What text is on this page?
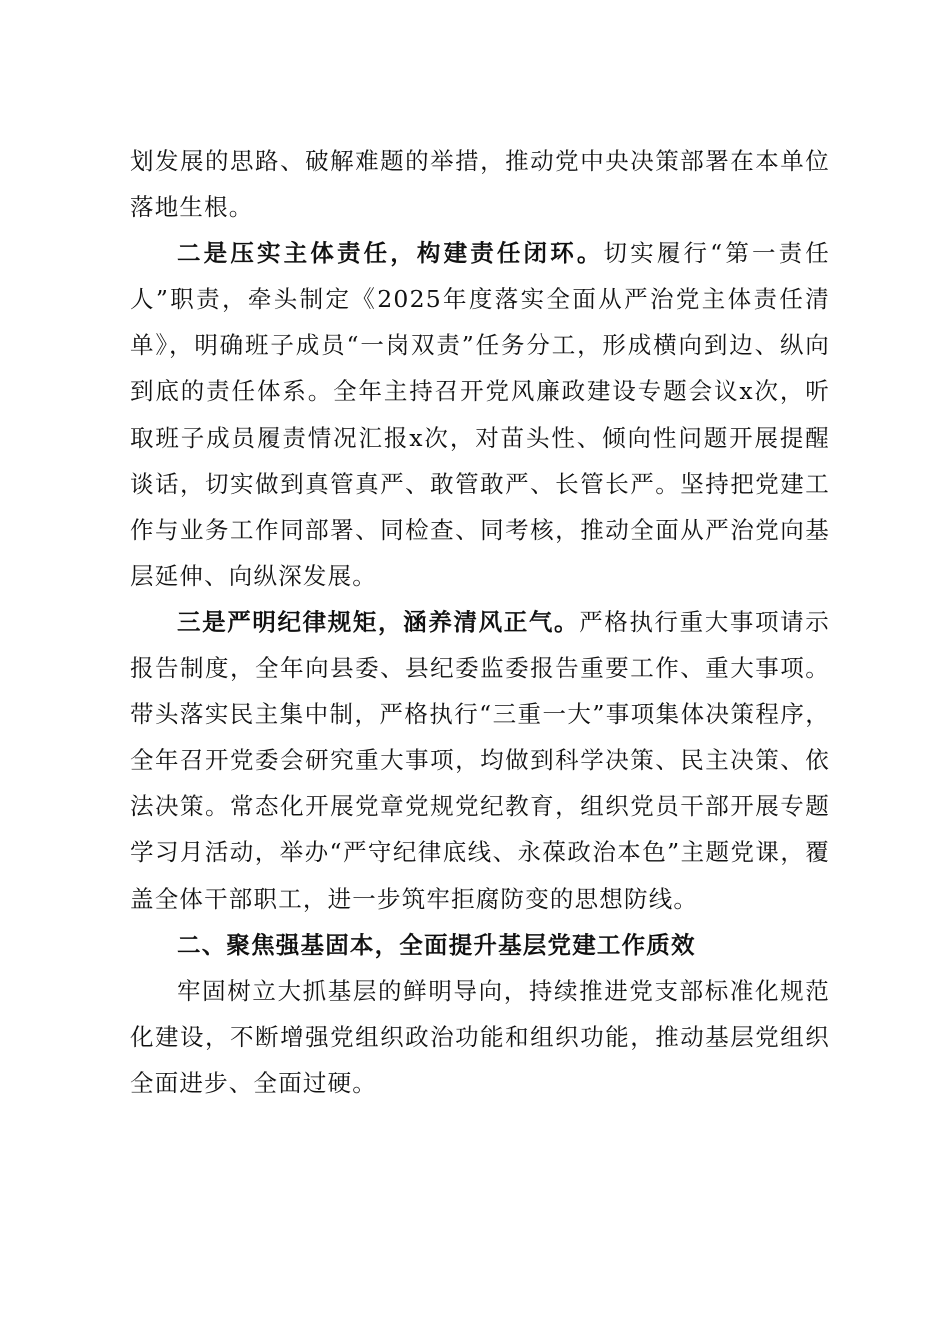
划发展的思路、破解难题的举措，推动党中央决策部署在本单位落地生根。

二是压实主体责任，构建责任闭环。切实履行“第一责任人”职责，牵头制定《2025年度落实全面从严治党主体责任清单》，明确班子成员“一岗双责”任务分工，形成横向到边、纵向到底的责任体系。全年主持召开党风廉政建设专题会议x次，听取班子成员履责情况汇报x次，对苗头性、倾向性问题开展提醒谈话，切实做到真管真严、敢管敢严、长管长严。坚持把党建工作与业务工作同部署、同检查、同考核，推动全面从严治党向基层延伸、向纵深发展。

三是严明纪律规矩，涵养清风正气。严格执行重大事项请示报告制度，全年向县委、县纪委监委报告重要工作、重大事项。带头落实民主集中制，严格执行“三重一大”事项集体决策程序，全年召开党委会研究重大事项，均做到科学决策、民主决策、依法决策。常态化开展党章党规党纪教育，组织党员干部开展专题学习月活动，举办“严守纪律底线、永葆政治本色”主题党课，覆盖全体干部职工，进一步筑牢拒腐防变的思想防线。

二、聚焦强基固本，全面提升基层党建工作质效

牢固树立大抓基层的鲜明导向，持续推进党支部标准化规范化建设，不断增强党组织政治功能和组织功能，推动基层党组织全面进步、全面过硬。
